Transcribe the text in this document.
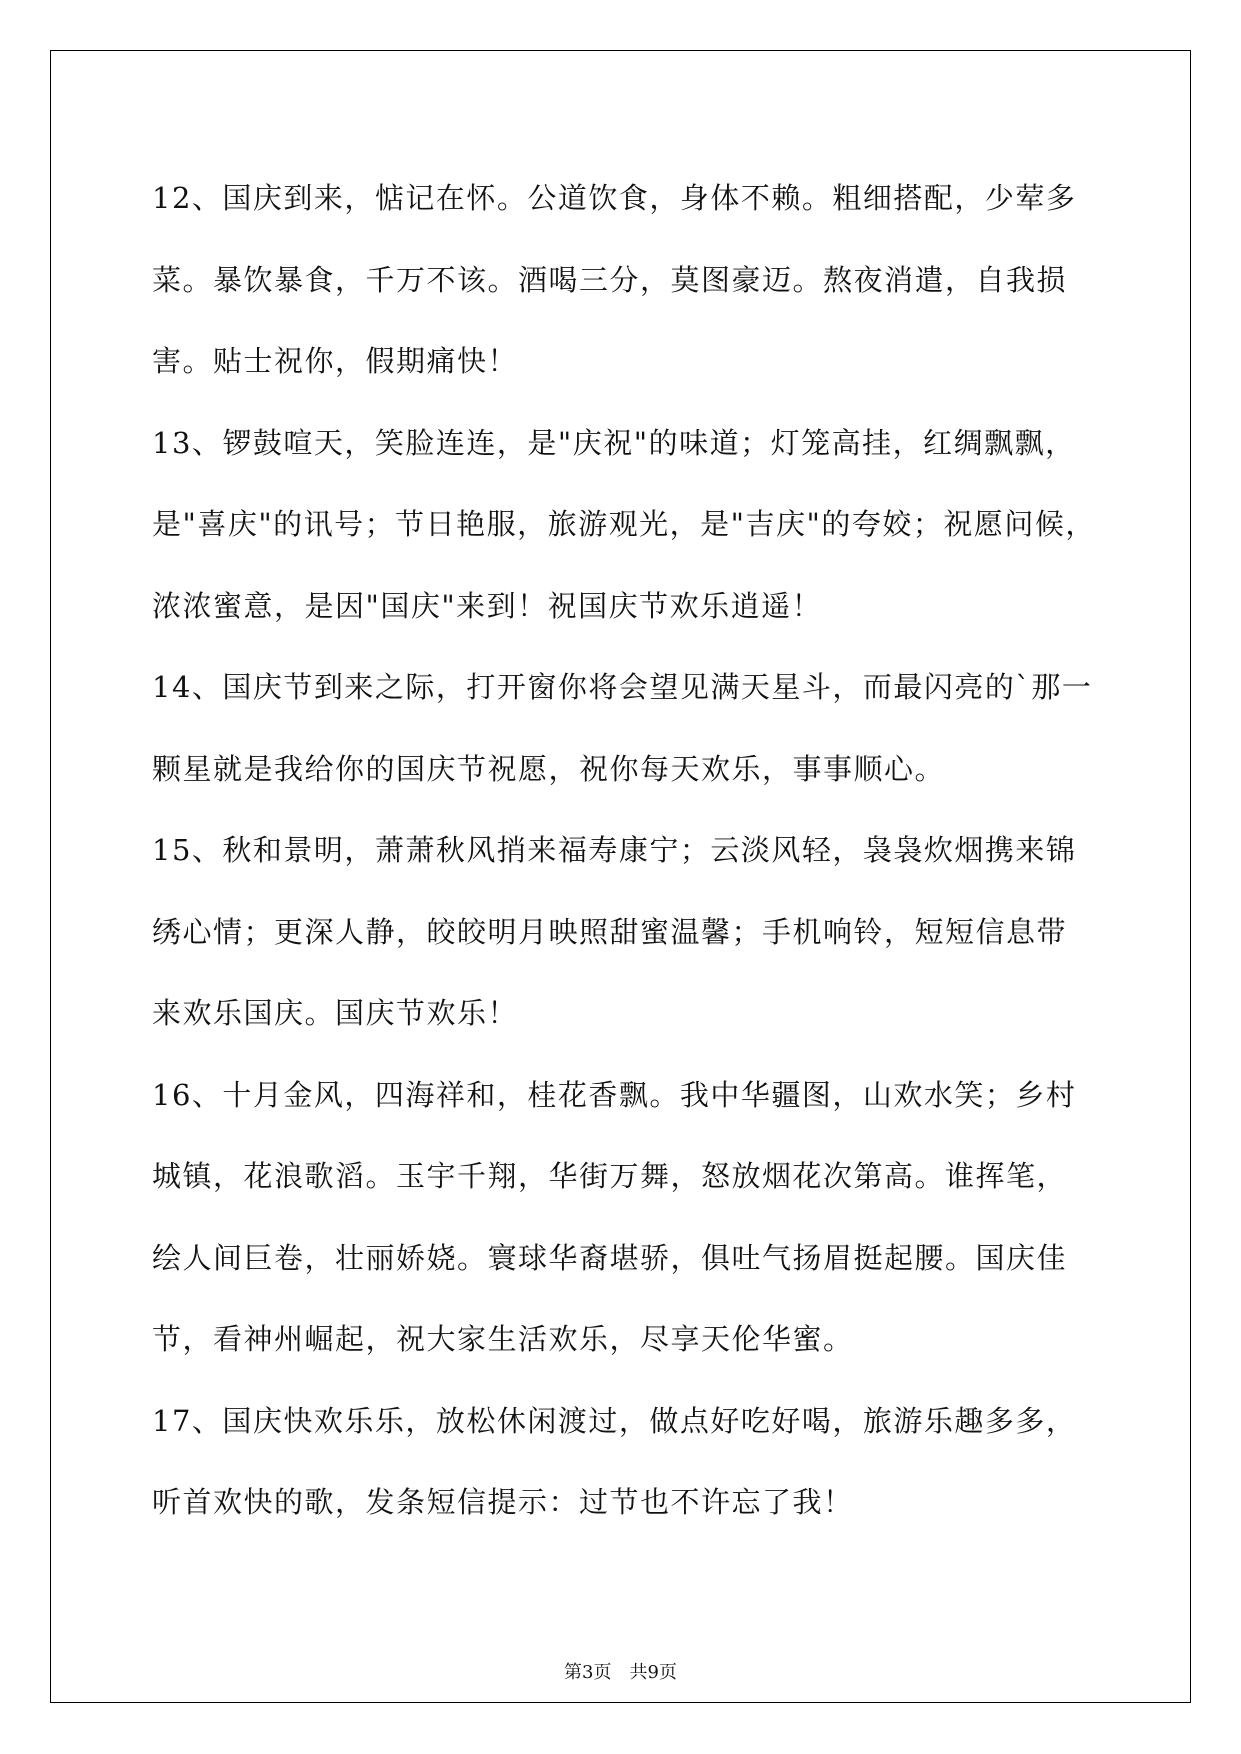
12、国庆到来，惦记在怀。公道饮食，身体不赖。粗细搭配，少荤多
菜。暴饮暴食，千万不该。酒喝三分，莫图豪迈。熬夜消遣，自我损
害。贴士祝你，假期痛快！
13、锣鼓喧天，笑脸连连，是"庆祝"的味道；灯笼高挂，红绸飘飘，
是"喜庆"的讯号；节日艳服，旅游观光，是"吉庆"的夸姣；祝愿问候，
浓浓蜜意，是因"国庆"来到！祝国庆节欢乐逍遥！
14、国庆节到来之际，打开窗你将会望见满天星斗，而最闪亮的`那一
颗星就是我给你的国庆节祝愿，祝你每天欢乐，事事顺心。
15、秋和景明，萧萧秋风捎来福寿康宁；云淡风轻，袅袅炊烟携来锦
绣心情；更深人静，皎皎明月映照甜蜜温馨；手机响铃，短短信息带
来欢乐国庆。国庆节欢乐！
16、十月金风，四海祥和，桂花香飘。我中华疆图，山欢水笑；乡村
城镇，花浪歌滔。玉宇千翔，华街万舞，怒放烟花次第高。谁挥笔，
绘人间巨卷，壮丽娇娆。寰球华裔堪骄，俱吐气扬眉挺起腰。国庆佳
节，看神州崛起，祝大家生活欢乐，尽享天伦华蜜。
17、国庆快欢乐乐，放松休闲渡过，做点好吃好喝，旅游乐趣多多，
听首欢快的歌，发条短信提示：过节也不许忘了我！
第3页 共9页
